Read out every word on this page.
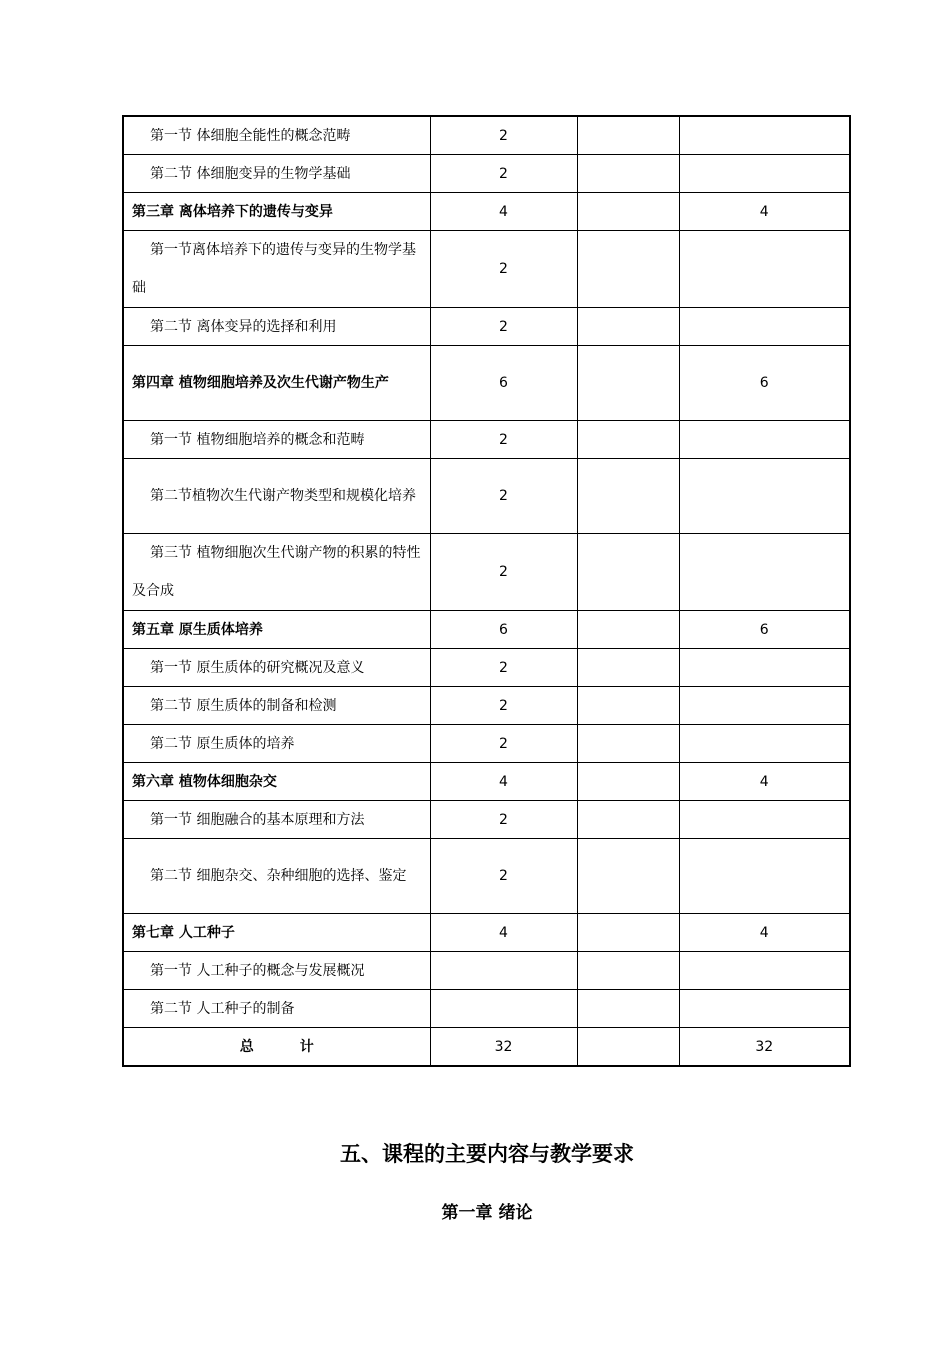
第一节 体细胞全能性的概念范畴	2		
第二节 体细胞变异的生物学基础	2		
第三章 离体培养下的遗传与变异	4		4
第一节离体培养下的遗传与变异的生物学基础	2		
第二节 离体变异的选择和利用	2		
第四章 植物细胞培养及次生代谢产物生产	6		6
第一节 植物细胞培养的概念和范畴	2		
第二节植物次生代谢产物类型和规模化培养	2		
第三节 植物细胞次生代谢产物的积累的特性及合成	2		
第五章 原生质体培养	6		6
第一节 原生质体的研究概况及意义	2		
第二节 原生质体的制备和检测	2		
第二节 原生质体的培养	2		
第六章 植物体细胞杂交	4		4
第一节 细胞融合的基本原理和方法	2		
第二节 细胞杂交、杂种细胞的选择、鉴定	2		
第七章 人工种子	4		4
第一节 人工种子的概念与发展概况			
第二节 人工种子的制备			
总 计	32		32
五、课程的主要内容与教学要求
第一章 绪论
